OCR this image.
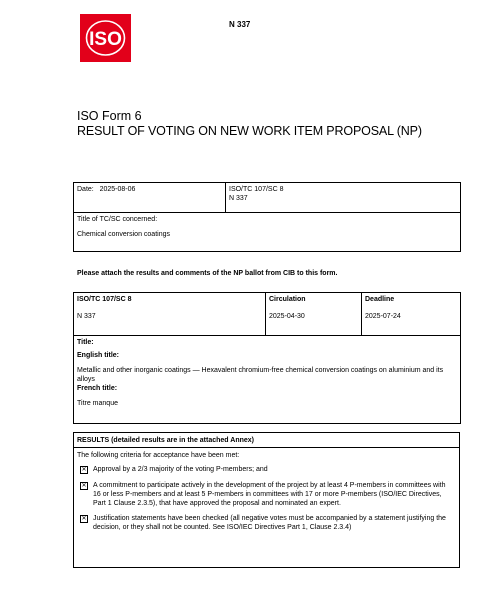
ISO
N 337
ISO Form 6
RESULT OF VOTING ON NEW WORK ITEM PROPOSAL (NP)
Date: 2025-08-06	ISO/TC 107/SC 8
N 337

Title of TC/SC concerned:
Chemical conversion coatings
Please attach the results and comments of the NP ballot from CIB to this form.
ISO/TC 107/SC 8
N 337

Circulation
2025-04-30

Deadline
2025-07-24

Title:
English title:
Metallic and other inorganic coatings — Hexavalent chromium-free chemical conversion coatings on aluminium and its alloys
French title:
Titre manque
RESULTS (detailed results are in the attached Annex)
The following criteria for acceptance have been met:
✕ Approval by a 2/3 majority of the voting P-members; and
✕ A commitment to participate actively in the development of the project by at least 4 P-members in committees with 16 or less P-members and at least 5 P-members in committees with 17 or more P-members (ISO/IEC Directives, Part 1 Clause 2.3.5), that have approved the proposal and nominated an expert.
✕ Justification statements have been checked (all negative votes must be accompanied by a statement justifying the decision, or they shall not be counted. See ISO/IEC Directives Part 1, Clause 2.3.4)
